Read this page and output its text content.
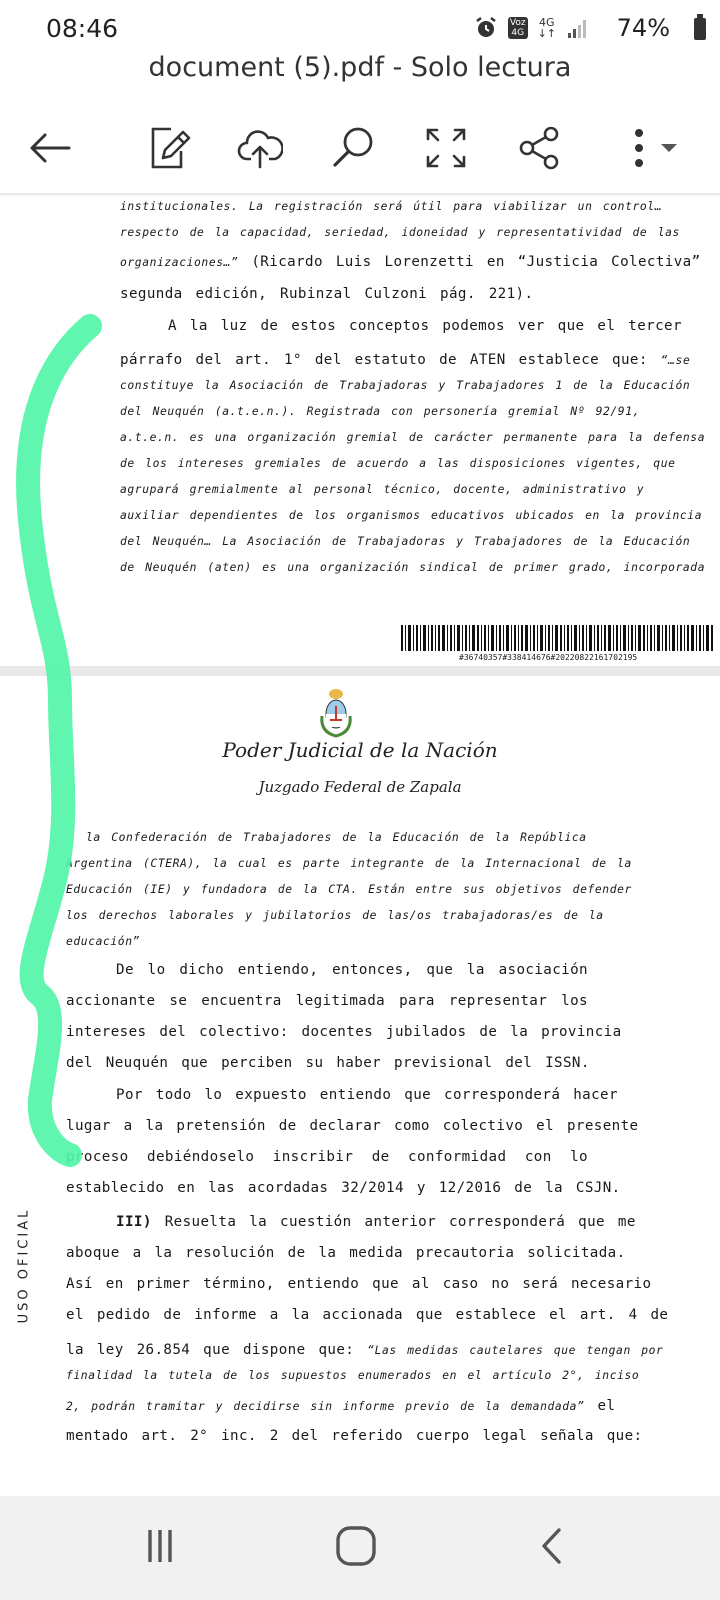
08:46	Voz
4G
4G
↓↑	74%
document (5).pdf - Solo lectura
institucionales. La registración será útil para viabilizar un control…
respecto de la capacidad, seriedad, idoneidad y representatividad de las
organizaciones…” (Ricardo Luis Lorenzetti en “Justicia Colectiva”
segunda edición, Rubinzal Culzoni pág. 221).
A la luz de estos conceptos podemos ver que el tercer
párrafo del art. 1° del estatuto de ATEN establece que: “…se
constituye la Asociación de Trabajadoras y Trabajadores 1 de la Educación
del Neuquén (a.t.e.n.). Registrada con personería gremial Nº 92/91,
a.t.e.n. es una organización gremial de carácter permanente para la defensa
de los intereses gremiales de acuerdo a las disposiciones vigentes, que
agrupará gremialmente al personal técnico, docente, administrativo y
auxiliar dependientes de los organismos educativos ubicados en la provincia
del Neuquén… La Asociación de Trabajadoras y Trabajadores de la Educación
de Neuquén (aten) es una organización sindical de primer grado, incorporada
#36740357#338414676#20220822161702195
Poder Judicial de la Nación
Juzgado Federal de Zapala
la Confederación de Trabajadores de la Educación de la República
Argentina (CTERA), la cual es parte integrante de la Internacional de la
Educación (IE) y fundadora de la CTA. Están entre sus objetivos defender
los derechos laborales y jubilatorios de las/os trabajadoras/es de la
educación”
De lo dicho entiendo, entonces, que la asociación
accionante se encuentra legitimada para representar los
intereses del colectivo: docentes jubilados de la provincia
del Neuquén que perciben su haber previsional del ISSN.
Por todo lo expuesto entiendo que corresponderá hacer
lugar a la pretensión de declarar como colectivo el presente
proceso debiéndoselo inscribir de conformidad con lo
establecido en las acordadas 32/2014 y 12/2016 de la CSJN.
III) Resuelta la cuestión anterior corresponderá que me
aboque a la resolución de la medida precautoria solicitada.
Así en primer término, entiendo que al caso no será necesario
el pedido de informe a la accionada que establece el art. 4 de
la ley 26.854 que dispone que: “Las medidas cautelares que tengan por
finalidad la tutela de los supuestos enumerados en el artículo 2°, inciso
2, podrán tramitar y decidirse sin informe previo de la demandada” el
mentado art. 2° inc. 2 del referido cuerpo legal señala que:
USO OFICIAL
